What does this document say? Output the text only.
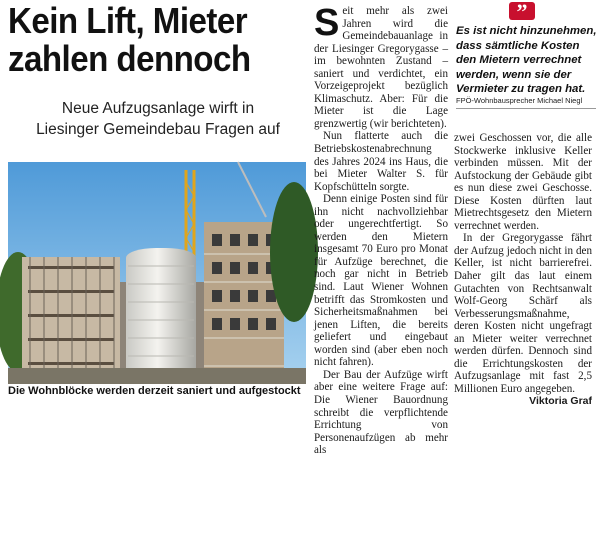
Kein Lift, Mieter
zahlen dennoch
Neue Aufzugsanlage wirft in
Liesinger Gemeindebau Fragen auf
Foto: Martin Jöchl
Die Wohnblöcke werden derzeit saniert und aufgestockt

Seit mehr als zwei Jahren wird die Gemeindebauanlage in der Liesinger Gregorygasse – im bewohnten Zustand – saniert und verdichtet, ein Vorzeigeprojekt bezüglich Klimaschutz. Aber: Für die Mieter ist die Lage grenzwertig (wir berichteten).

Nun flatterte auch die Betriebskostenabrechnung des Jahres 2024 ins Haus, die bei Mieter Walter S. für Kopfschütteln sorgte.

Denn einige Posten sind für ihn nicht nachvollziehbar oder ungerechtfertigt. So werden den Mietern insgesamt 70 Euro pro Monat für Aufzüge berechnet, die noch gar nicht in Betrieb sind. Laut Wiener Wohnen betrifft das Stromkosten und Sicherheitsmaßnahmen bei jenen Liften, die bereits geliefert und eingebaut worden sind (aber eben noch nicht fahren).

Der Bau der Aufzüge wirft aber eine weitere Frage auf: Die Wiener Bauordnung schreibt die verpflichtende Errichtung von Personenaufzügen ab mehr als

”
Es ist nicht hinzunehmen, dass sämtliche Kosten den Mietern verrechnet werden, wenn sie der Vermieter zu tragen hat.
FPÖ-Wohnbausprecher Michael Niegl

zwei Geschossen vor, die alle Stockwerke inklusive Keller verbinden müssen. Mit der Aufstockung der Gebäude gibt es nun diese zwei Geschosse. Diese Kosten dürften laut Mietrechtsgesetz den Mietern verrechnet werden.

In der Gregorygasse fährt der Aufzug jedoch nicht in den Keller, ist nicht barrierefrei. Daher gilt das laut einem Gutachten von Rechtsanwalt Wolf-Georg Schärf als Verbesserungsmaßnahme, deren Kosten nicht ungefragt an Mieter weiter verrechnet werden dürfen. Dennoch sind die Errichtungskosten der Aufzugsanlage mit fast 2,5 Millionen Euro angegeben.

Viktoria Graf
